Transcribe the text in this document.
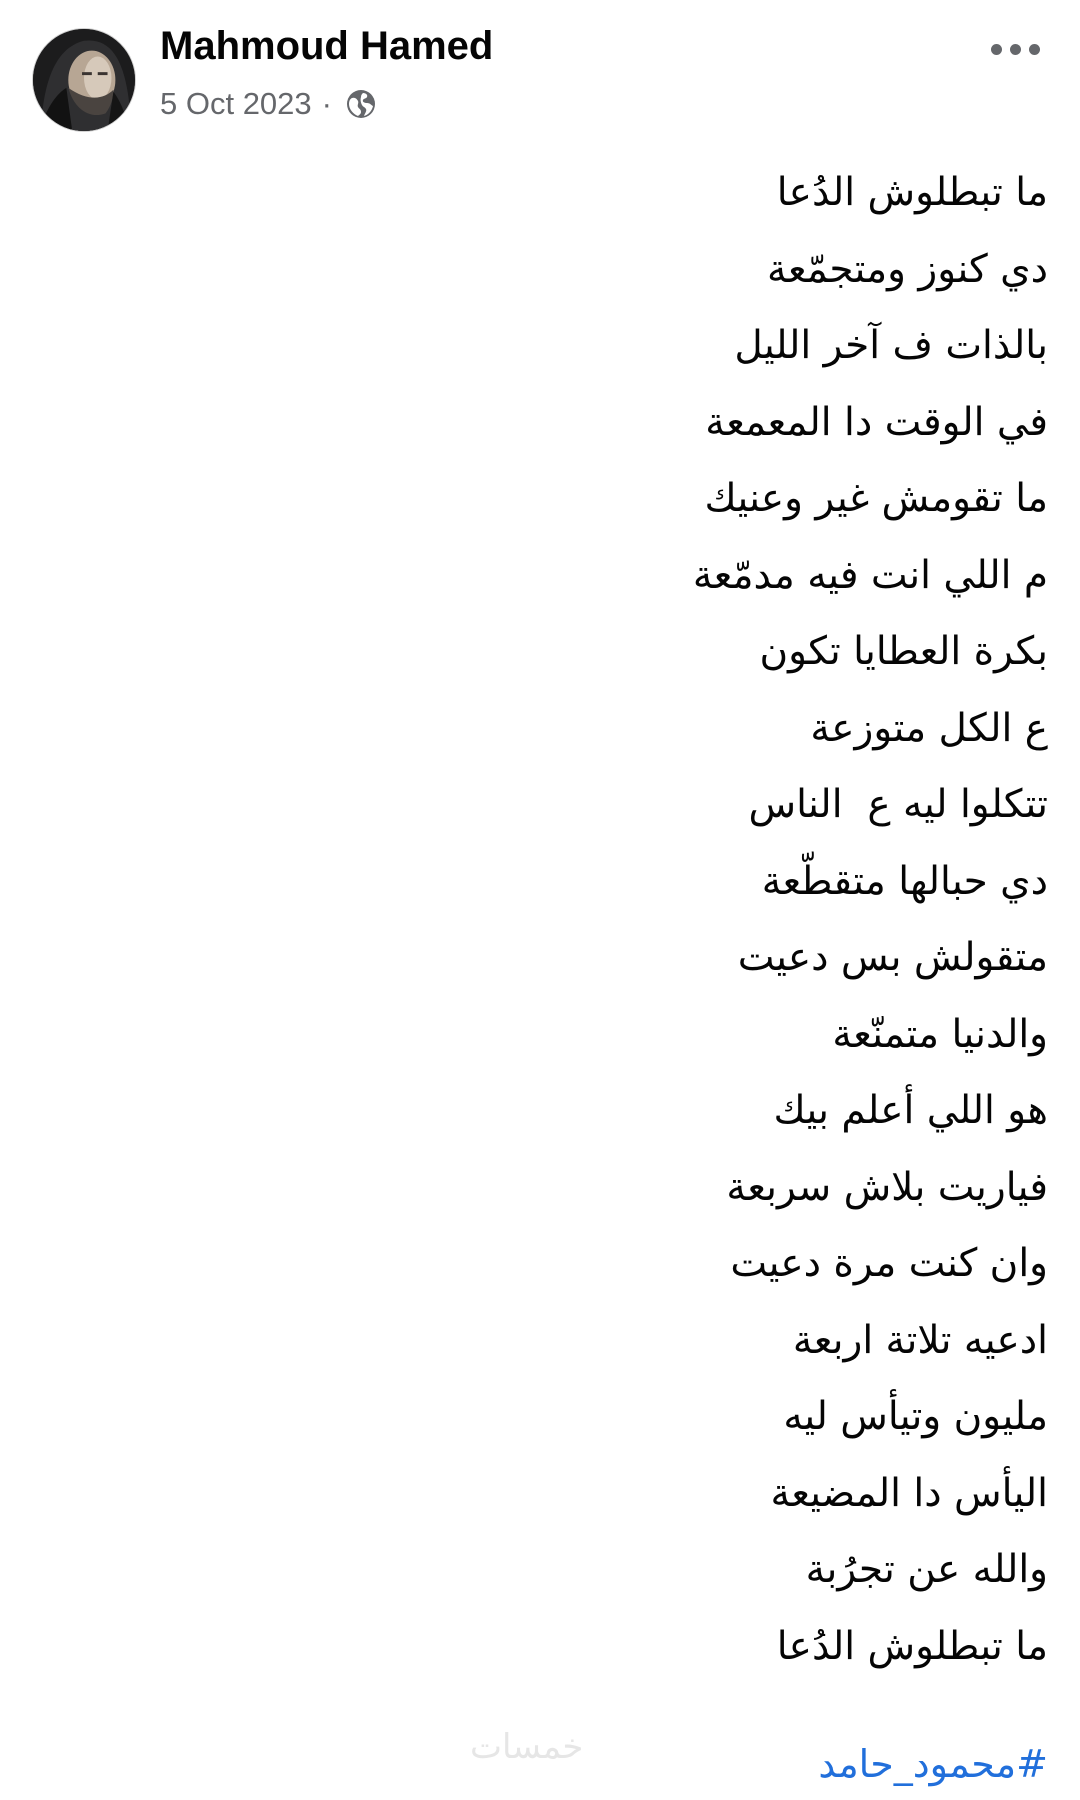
Mahmoud Hamed
5 Oct 2023 ·
ما تبطلوش الدُعا
دي كنوز ومتجمّعة
بالذات ف آخر الليل
في الوقت دا المعمعة
ما تقومش غير وعنيك
م اللي انت فيه مدمّعة
بكرة العطايا تكون
ع الكل متوزعة
تتكلوا ليه ع  الناس
دي حبالها متقطّعة
متقولش بس دعيت
والدنيا متمنّعة
هو اللي أعلم بيك
فياريت بلاش سربعة
وان كنت مرة دعيت
ادعيه تلاتة اربعة
مليون وتيأس ليه
اليأس دا المضيعة
والله عن تجرُبة
ما تبطلوش الدُعا
خمسات	#محمود_حامد
